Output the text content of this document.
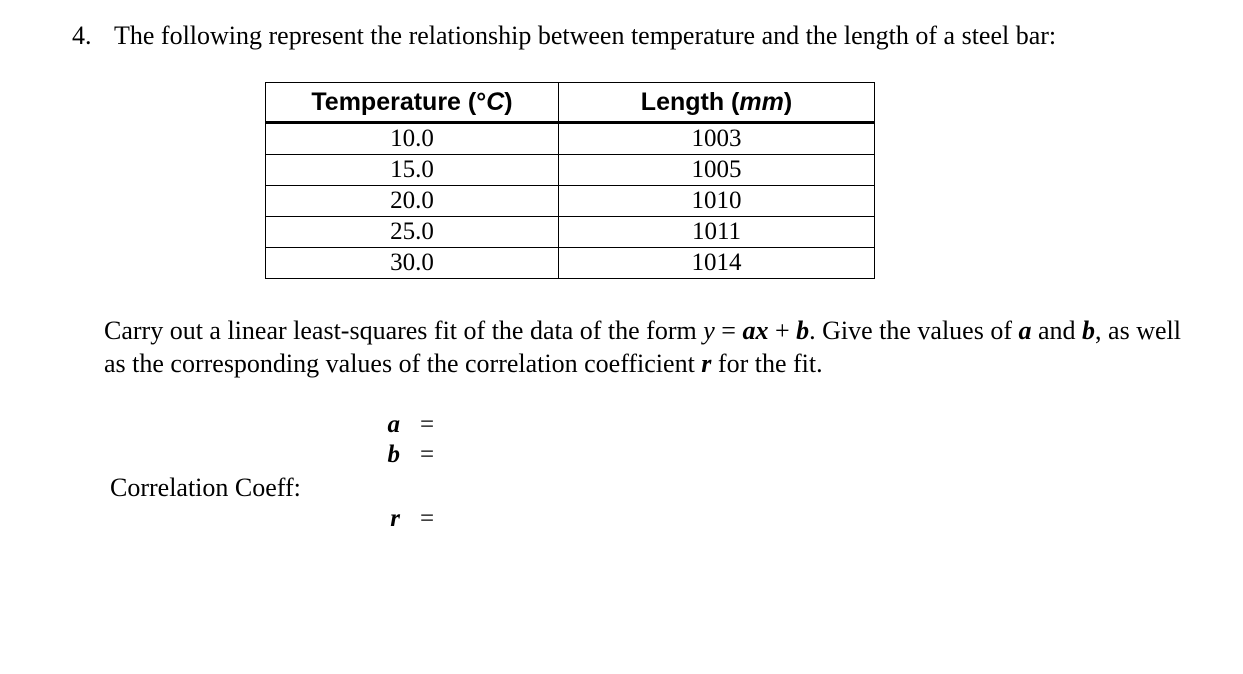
4. The following represent the relationship between temperature and the length of a steel bar:
Temperature (°C)	Length (mm)
10.0	1003
15.0	1005
20.0	1010
25.0	1011
30.0	1014
Carry out a linear least-squares fit of the data of the form y = ax + b. Give the values of a and b, as well as the corresponding values of the correlation coefficient r for the fit.
a =
b =
Correlation Coeff:
r =
